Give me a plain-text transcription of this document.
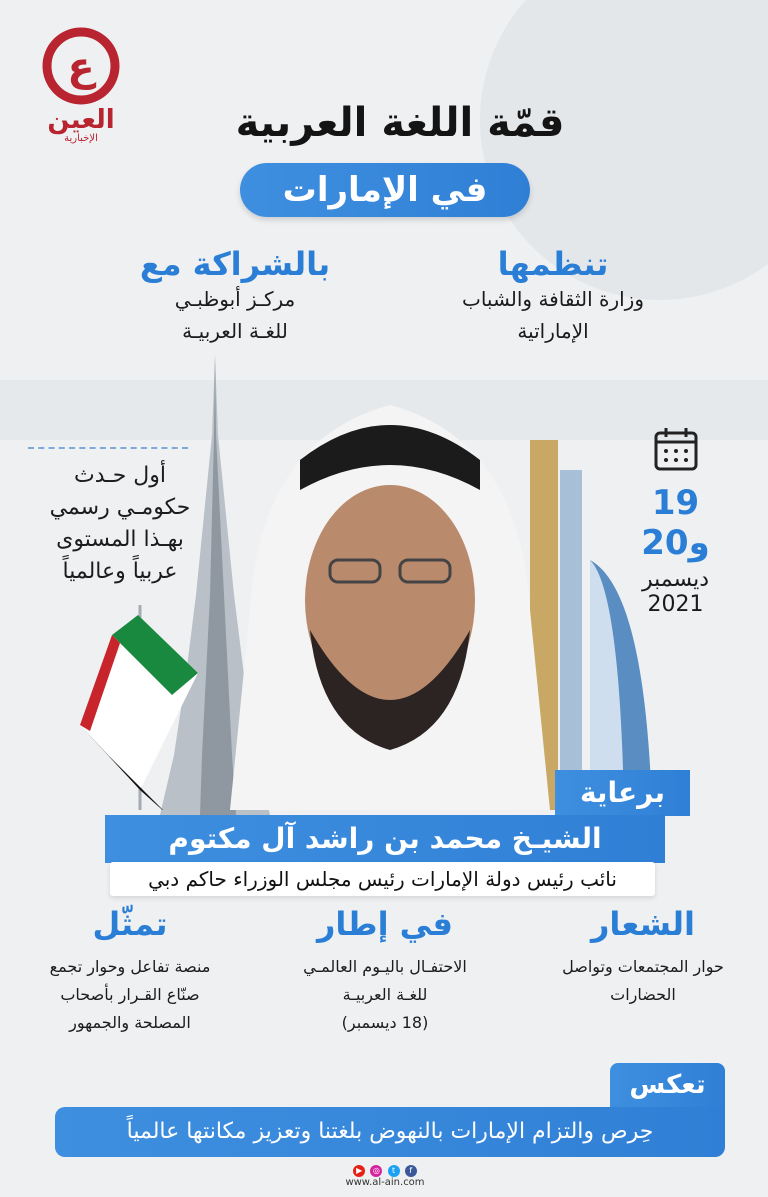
ع
العين
الإخبارية	قمّة اللغة العربية
في الإمارات
تنظمها
وزارة الثقافة والشباب
الإماراتية
بالشراكة مع
مركـز أبوظبـي
للغـة العربيـة
أول حـدث
حكومـي رسمي
بهـذا المستوى
عربياً وعالمياً
19 و20
ديسمبر
2021
برعاية
الشيـخ محمد بن راشد آل مكتوم
نائب رئيس دولة الإمارات رئيس مجلس الوزراء حاكم دبي
الشعار
حوار المجتمعات وتواصل
الحضارات
في إطار
الاحتفـال باليـوم العالمـي
للغـة العربيـة
(18 ديسمبر)
تمثّل
منصة تفاعل وحوار تجمع
صنّاع القـرار بأصحاب
المصلحة والجمهور
تعكس
حِرص والتزام الإمارات بالنهوض بلغتنا وتعزيز مكانتها عالمياً
▶ ◎ t f
www.al-ain.com
